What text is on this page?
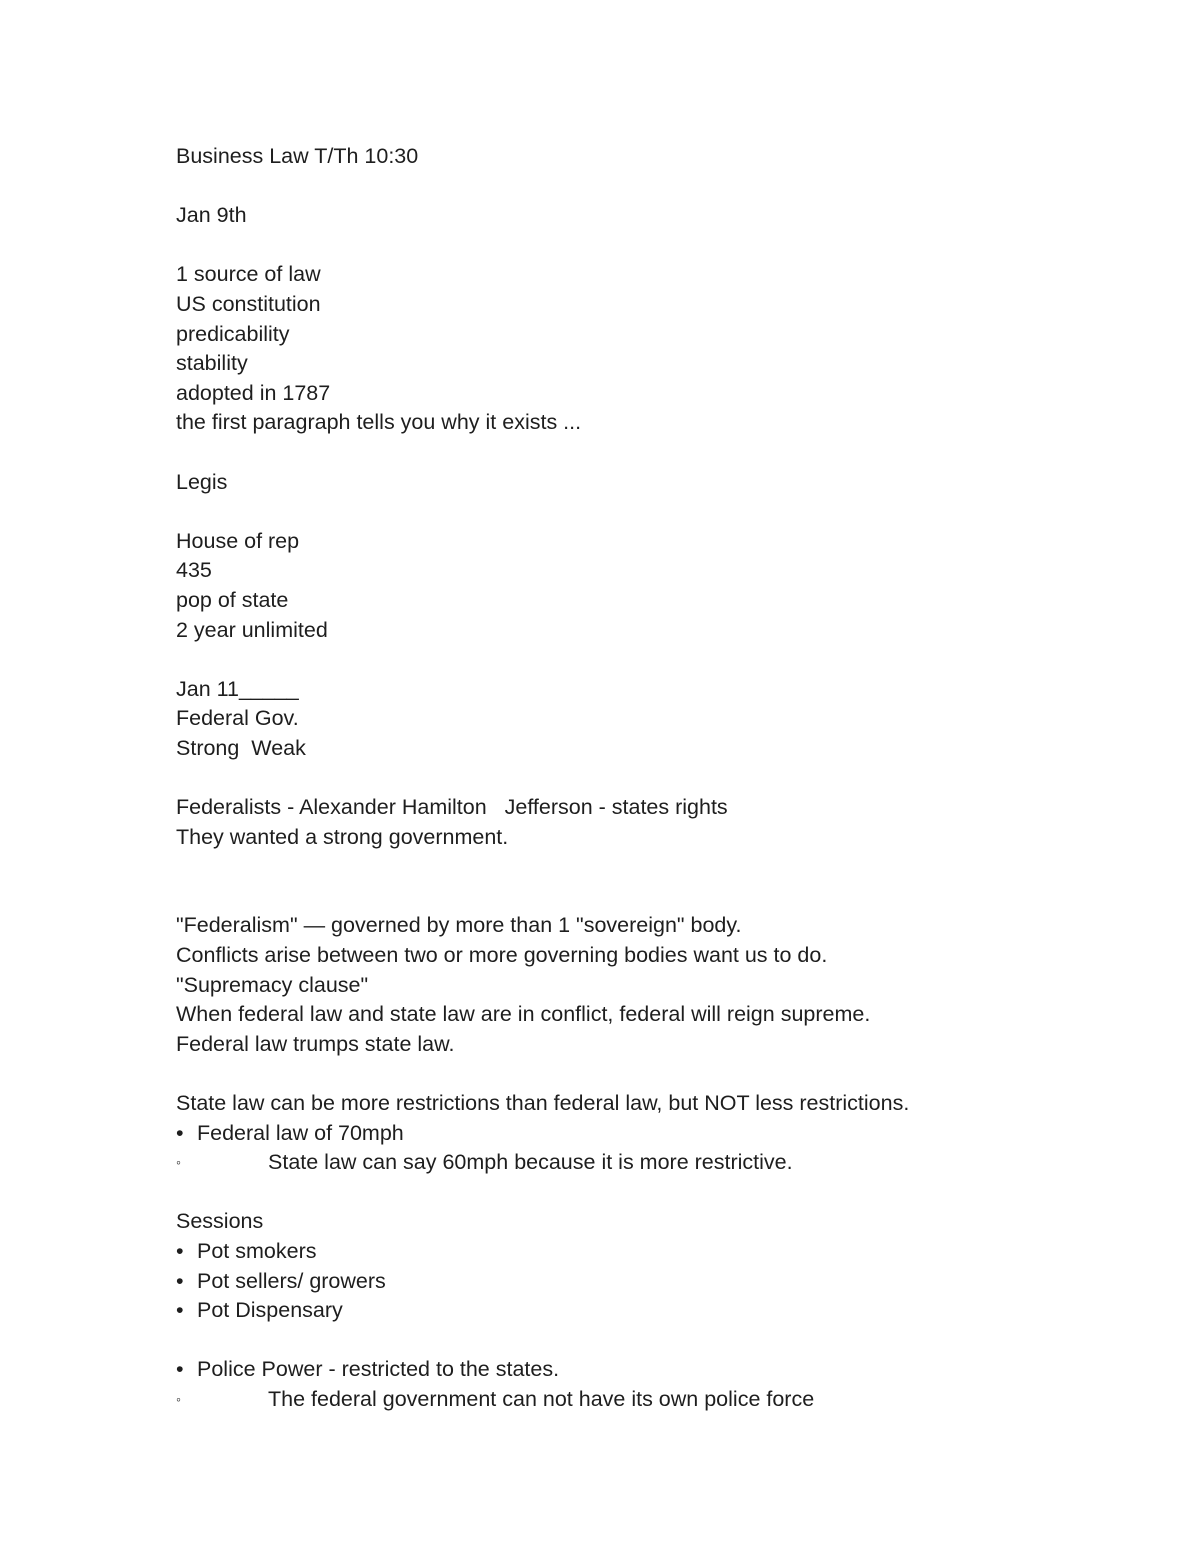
Business Law T/Th 10:30
Jan 9th
1 source of law
US constitution
predicability
stability
adopted in 1787
the first paragraph tells you why it exists ...
Legis
House of rep
435
pop of state
2 year unlimited
Jan 11_____
Federal Gov.
Strong  Weak
Federalists - Alexander Hamilton   Jefferson - states rights
They wanted a strong government.
"Federalism" — governed by more than 1 "sovereign" body.
Conflicts arise between two or more governing bodies want us to do.
"Supremacy clause"
When federal law and state law are in conflict, federal will reign supreme.
Federal law trumps state law.
State law can be more restrictions than federal law, but NOT less restrictions.
• Federal law of 70mph
◦	State law can say 60mph because it is more restrictive.
Sessions
• Pot smokers
• Pot sellers/ growers
• Pot Dispensary
• Police Power - restricted to the states.
◦	The federal government can not have its own police force
